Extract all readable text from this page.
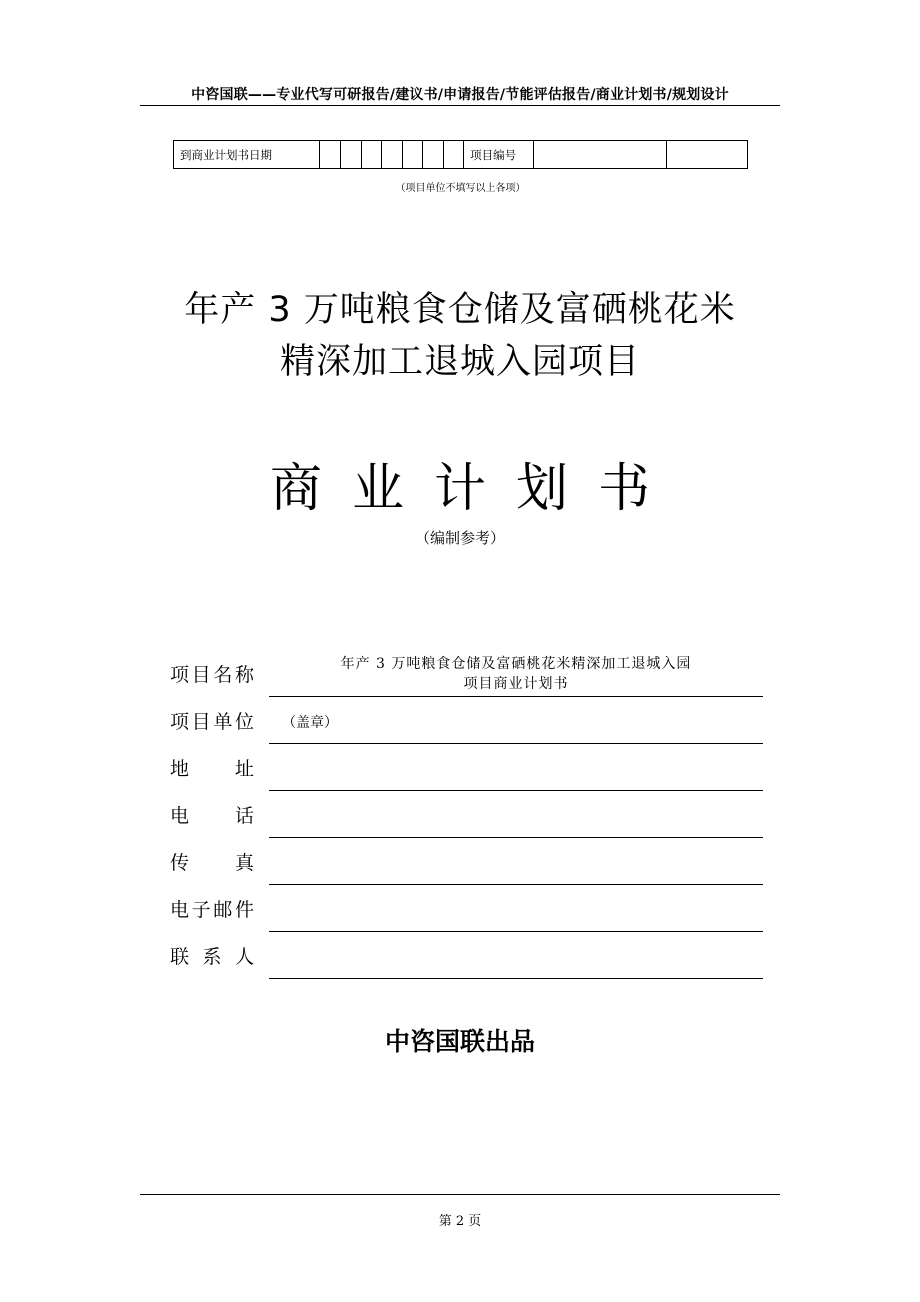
中咨国联——专业代写可研报告/建议书/申请报告/节能评估报告/商业计划书/规划设计
到商业计划书日期								项目编号		
（项目单位不填写以上各项）
年产 3 万吨粮食仓储及富硒桃花米
精深加工退城入园项目
商业计划书
（编制参考）
项目名称	年产 3 万吨粮食仓储及富硒桃花米精深加工退城入园
项目商业计划书
项目单位 （盖章）
地址
电话
传真
电子邮件
联系人
中咨国联出品
第 2 页
